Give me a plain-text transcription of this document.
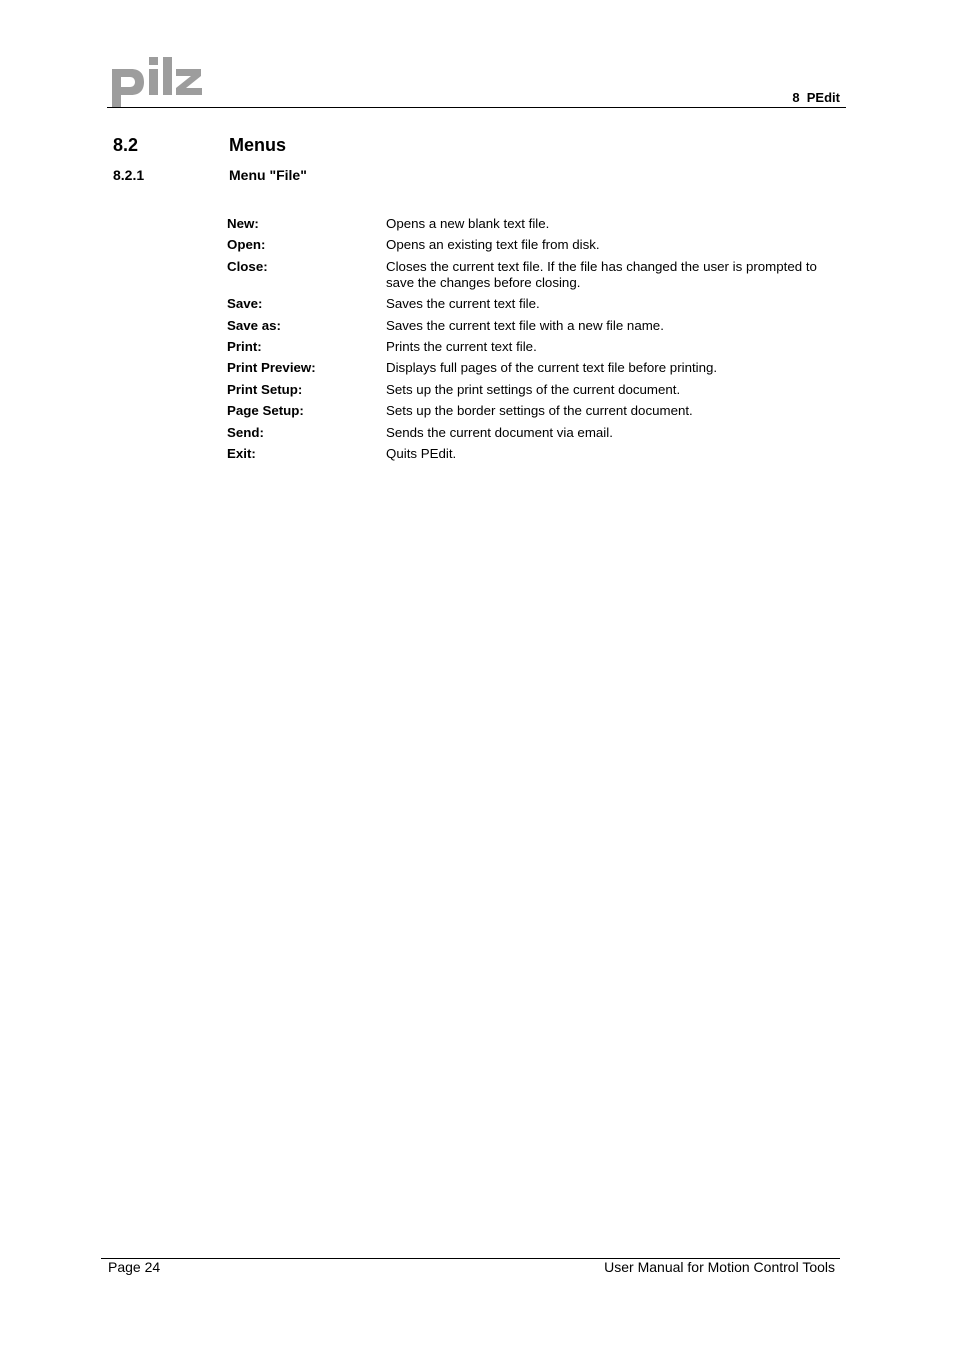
8  PEdit
8.2	Menus
8.2.1	Menu "File"
New:	Opens a new blank text file.
Open:	Opens an existing text file from disk.
Close:	Closes the current text file. If the file has changed the user is prompted to save the changes before closing.
Save:	Saves the current text file.
Save as:	Saves the current text file with a new file name.
Print:	Prints the current text file.
Print Preview:	Displays full pages of the current text file before printing.
Print Setup:	Sets up the print settings of the current document.
Page Setup:	Sets up the border settings of the current document.
Send:	Sends the current document via email.
Exit:	Quits PEdit.
Page 24	User Manual for Motion Control Tools
